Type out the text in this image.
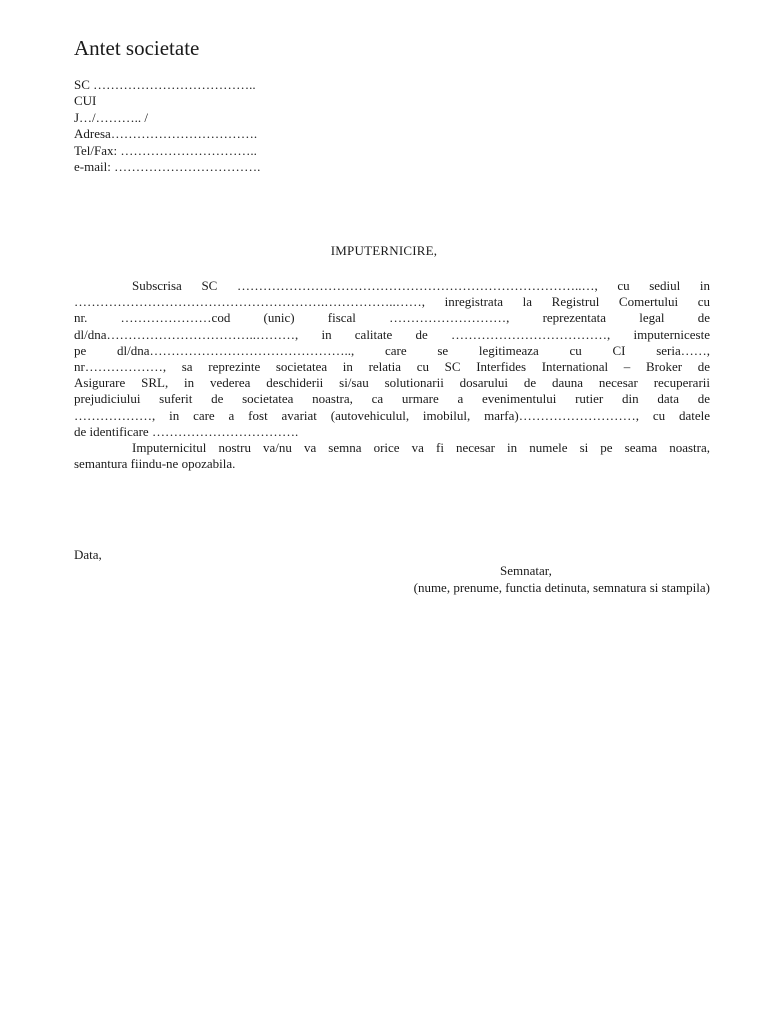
Antet societate
SC ………………………………..
CUI
J…/……….. /
Adresa…………………………….
Tel/Fax: …………………………..
e-mail: …………………………….
IMPUTERNICIRE,
Subscrisa SC ……………………………………………………………………..…, cu sediul in
………………………………………………….……………..……, inregistrata la Registrul Comertului cu
nr. …………………cod (unic) fiscal ………………………, reprezentata legal de
dl/dna……………………………..………, in calitate de ………………………………, imputerniceste
pe dl/dna……………………………………….., care se legitimeaza cu CI seria……,
nr………………, sa reprezinte societatea in relatia cu SC Interfides International – Broker de
Asigurare SRL, in vederea deschiderii si/sau solutionarii dosarului de dauna necesar recuperarii
prejudiciului suferit de societatea noastra, ca urmare a evenimentului rutier din data de
………………, in care a fost avariat (autovehiculul, imobilul, marfa)………………………, cu datele
de identificare …………………………….
Imputernicitul nostru va/nu va semna orice va fi necesar in numele si pe seama noastra,
semantura fiindu-ne opozabila.
Data,
Semnatar,
(nume, prenume, functia detinuta, semnatura si stampila)
